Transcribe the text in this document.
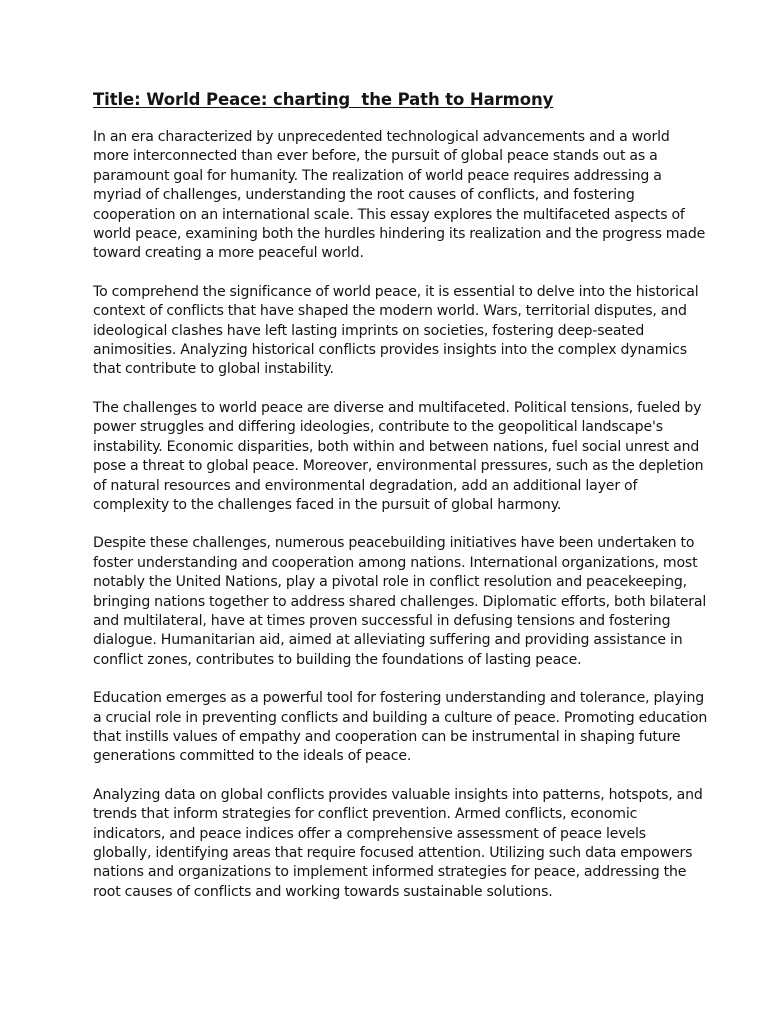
Title: World Peace: charting  the Path to Harmony

In an era characterized by unprecedented technological advancements and a world more interconnected than ever before, the pursuit of global peace stands out as a paramount goal for humanity. The realization of world peace requires addressing a myriad of challenges, understanding the root causes of conflicts, and fostering cooperation on an international scale. This essay explores the multifaceted aspects of world peace, examining both the hurdles hindering its realization and the progress made toward creating a more peaceful world.

To comprehend the significance of world peace, it is essential to delve into the historical context of conflicts that have shaped the modern world. Wars, territorial disputes, and ideological clashes have left lasting imprints on societies, fostering deep-seated animosities. Analyzing historical conflicts provides insights into the complex dynamics that contribute to global instability.

The challenges to world peace are diverse and multifaceted. Political tensions, fueled by power struggles and differing ideologies, contribute to the geopolitical landscape's instability. Economic disparities, both within and between nations, fuel social unrest and pose a threat to global peace. Moreover, environmental pressures, such as the depletion of natural resources and environmental degradation, add an additional layer of complexity to the challenges faced in the pursuit of global harmony.

Despite these challenges, numerous peacebuilding initiatives have been undertaken to foster understanding and cooperation among nations. International organizations, most notably the United Nations, play a pivotal role in conflict resolution and peacekeeping, bringing nations together to address shared challenges. Diplomatic efforts, both bilateral and multilateral, have at times proven successful in defusing tensions and fostering dialogue. Humanitarian aid, aimed at alleviating suffering and providing assistance in conflict zones, contributes to building the foundations of lasting peace.

Education emerges as a powerful tool for fostering understanding and tolerance, playing a crucial role in preventing conflicts and building a culture of peace. Promoting education that instills values of empathy and cooperation can be instrumental in shaping future generations committed to the ideals of peace.

Analyzing data on global conflicts provides valuable insights into patterns, hotspots, and trends that inform strategies for conflict prevention. Armed conflicts, economic indicators, and peace indices offer a comprehensive assessment of peace levels globally, identifying areas that require focused attention. Utilizing such data empowers nations and organizations to implement informed strategies for peace, addressing the root causes of conflicts and working towards sustainable solutions.
